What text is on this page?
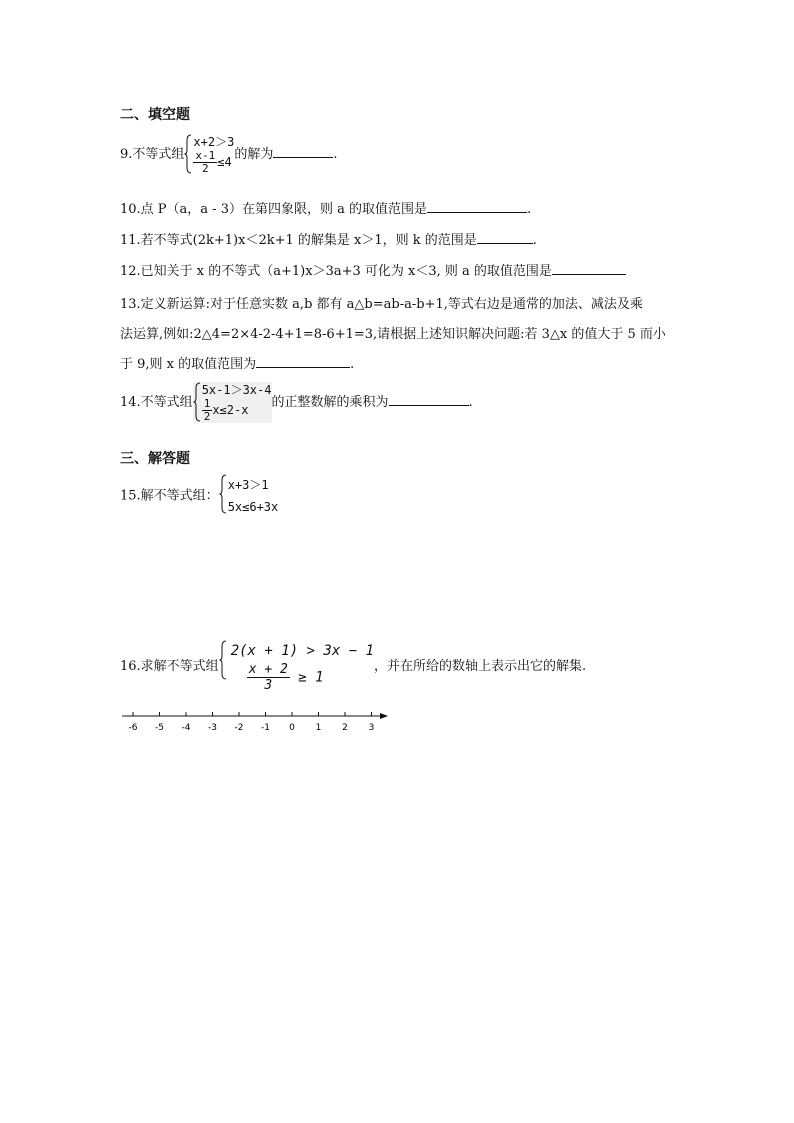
二、填空题
9.不等式组
x+2＞3
$\frac{x-1}{2} \le 4$ 的解为	.
10.点 P（a，a - 3）在第四象限，则 a 的取值范围是	.
11.若不等式(2k+1)x＜2k+1 的解集是 x＞1，则 k 的范围是	.
12.已知关于 x 的不等式（a+1)x＞3a+3 可化为 x＜3, 则 a 的取值范围是
13.定义新运算:对于任意实数 a,b 都有 a△b=ab-a-b+1,等式右边是通常的加法、减法及乘
法运算,例如:2△4=2×4-2-4+1=8-6+1=3,请根据上述知识解决问题:若 3△x 的值大于 5 而小
于 9,则 x 的取值范围为	.
14.不等式组
5x-1＞3x-4
$\frac{1}{2} x\le 2-x$	的正整数解的乘积为	.
三、解答题
15.解不等式组：
x+3＞1
5x≤6+3x
16.求解不等式组
2(x + 1) > 3x − 1
$\frac{x + 2}{3} \ge 1$
，并在所给的数轴上表示出它的解集.
-6 -5 -4 -3 -2 -1 0 1 2 3
